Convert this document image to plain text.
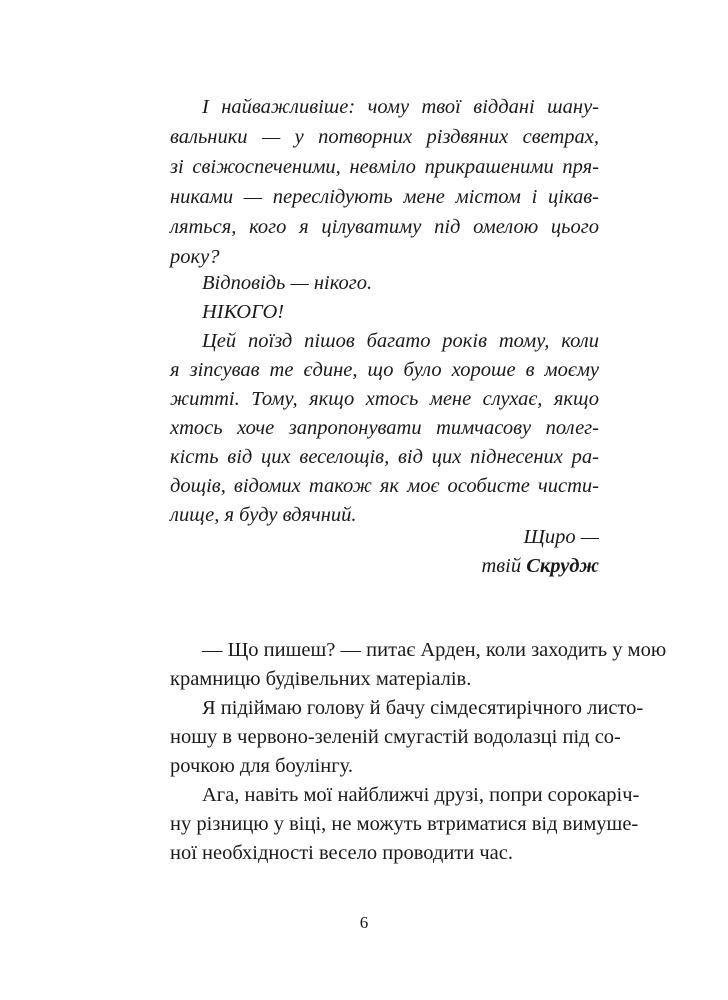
І найважливіше: чому твої віддані шану-
вальники — у потворних різдвяних светрах,
зі свіжоспеченими, невміло прикрашеними пря-
никами — переслідують мене містом і цікав-
ляться, кого я цілуватиму під омелою цього
року?
Відповідь — нікого.
НІКОГО!
Цей поїзд пішов багато років тому, коли
я зіпсував те єдине, що було хороше в моєму
житті. Тому, якщо хтось мене слухає, якщо
хтось хоче запропонувати тимчасову полег-
кість від цих веселощів, від цих піднесених ра-
дощів, відомих також як моє особисте чисти-
лище, я буду вдячний.
Щиро —
твій Скрудж
— Що пишеш? — питає Арден, коли заходить у мою
крамницю будівельних матеріалів.
Я підіймаю голову й бачу сімдесятирічного листо-
ношу в червоно-зеленій смугастій водолазці під со-
рочкою для боулінгу.
Ага, навіть мої найближчі друзі, попри сорокаріч-
ну різницю у віці, не можуть втриматися від вимуше-
ної необхідності весело проводити час.
6
